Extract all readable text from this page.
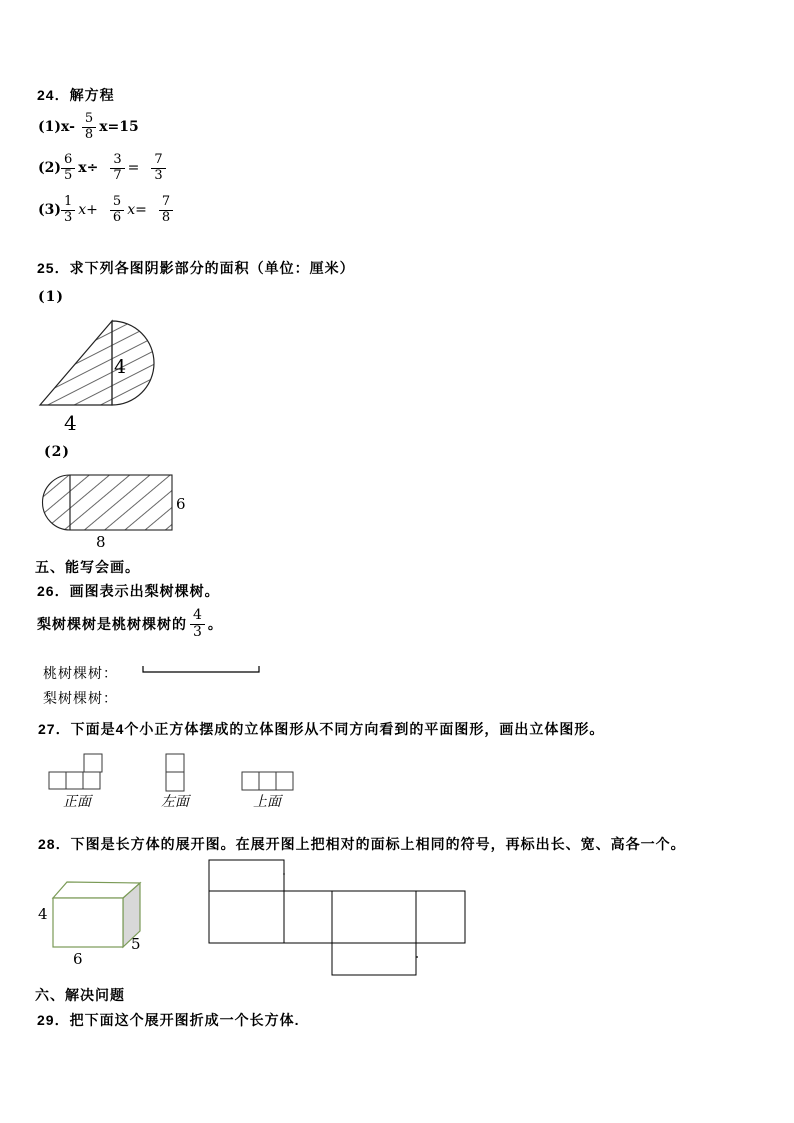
24．解方程
$(1)x- \frac{5}{8} x=15$
$(2) \frac{6}{5} x\div \frac{3}{7} = \frac{7}{3}$
$(3) \frac{1}{3} x+ \frac{5}{6} x= \frac{7}{8}$
25．求下列各图阴影部分的面积（单位：厘米）
(1)
4
4
(2)
6
8
五、能写会画。
26．画图表示出梨树棵树。
梨树棵树是桃树棵树的 $\frac{4}{3}$ 。
桃树棵树：
梨树棵树：
27．下面是4个小正方体摆成的立体图形从不同方向看到的平面图形，画出立体图形。
正面	左面	上面
28．下图是长方体的展开图。在展开图上把相对的面标上相同的符号，再标出长、宽、高各一个。
4
6
5
六、解决问题
29．把下面这个展开图折成一个长方体.
